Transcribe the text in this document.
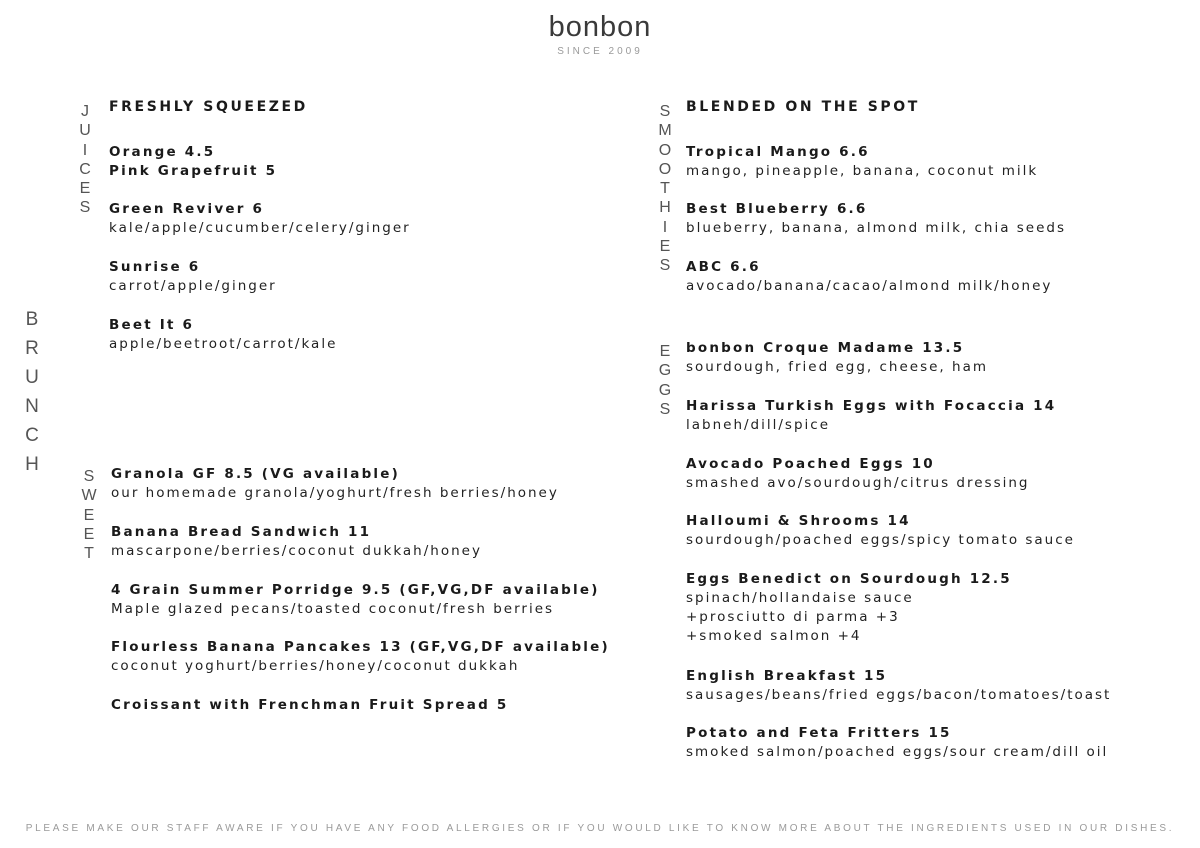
bonbon
SINCE 2009
B
R
U
N
C
H
J
U
I
C
E
S
S
M
O
O
T
H
I
E
S
S
W
E
E
T
E
G
G
S
FRESHLY SQUEEZED	BLENDED ON THE SPOT
Orange 4.5
Pink Grapefruit 5
Green Reviver 6
kale/apple/cucumber/celery/ginger
Sunrise 6
carrot/apple/ginger
Beet It 6
apple/beetroot/carrot/kale
Tropical Mango 6.6
mango, pineapple, banana, coconut milk
Best Blueberry 6.6
blueberry, banana, almond milk, chia seeds
ABC 6.6
avocado/banana/cacao/almond milk/honey
Granola GF 8.5 (VG available)
our homemade granola/yoghurt/fresh berries/honey
Banana Bread Sandwich 11
mascarpone/berries/coconut dukkah/honey
4 Grain Summer Porridge 9.5 (GF,VG,DF available)
Maple glazed pecans/toasted coconut/fresh berries
Flourless Banana Pancakes 13 (GF,VG,DF available)
coconut yoghurt/berries/honey/coconut dukkah
Croissant with Frenchman Fruit Spread 5
bonbon Croque Madame 13.5
sourdough, fried egg, cheese, ham
Harissa Turkish Eggs with Focaccia 14
labneh/dill/spice
Avocado Poached Eggs 10
smashed avo/sourdough/citrus dressing
Halloumi & Shrooms 14
sourdough/poached eggs/spicy tomato sauce
Eggs Benedict on Sourdough 12.5
spinach/hollandaise sauce
+prosciutto di parma +3
+smoked salmon +4
English Breakfast 15
sausages/beans/fried eggs/bacon/tomatoes/toast
Potato and Feta Fritters 15
smoked salmon/poached eggs/sour cream/dill oil
PLEASE MAKE OUR STAFF AWARE IF YOU HAVE ANY FOOD ALLERGIES OR IF YOU WOULD LIKE TO KNOW MORE ABOUT THE INGREDIENTS USED IN OUR DISHES.
